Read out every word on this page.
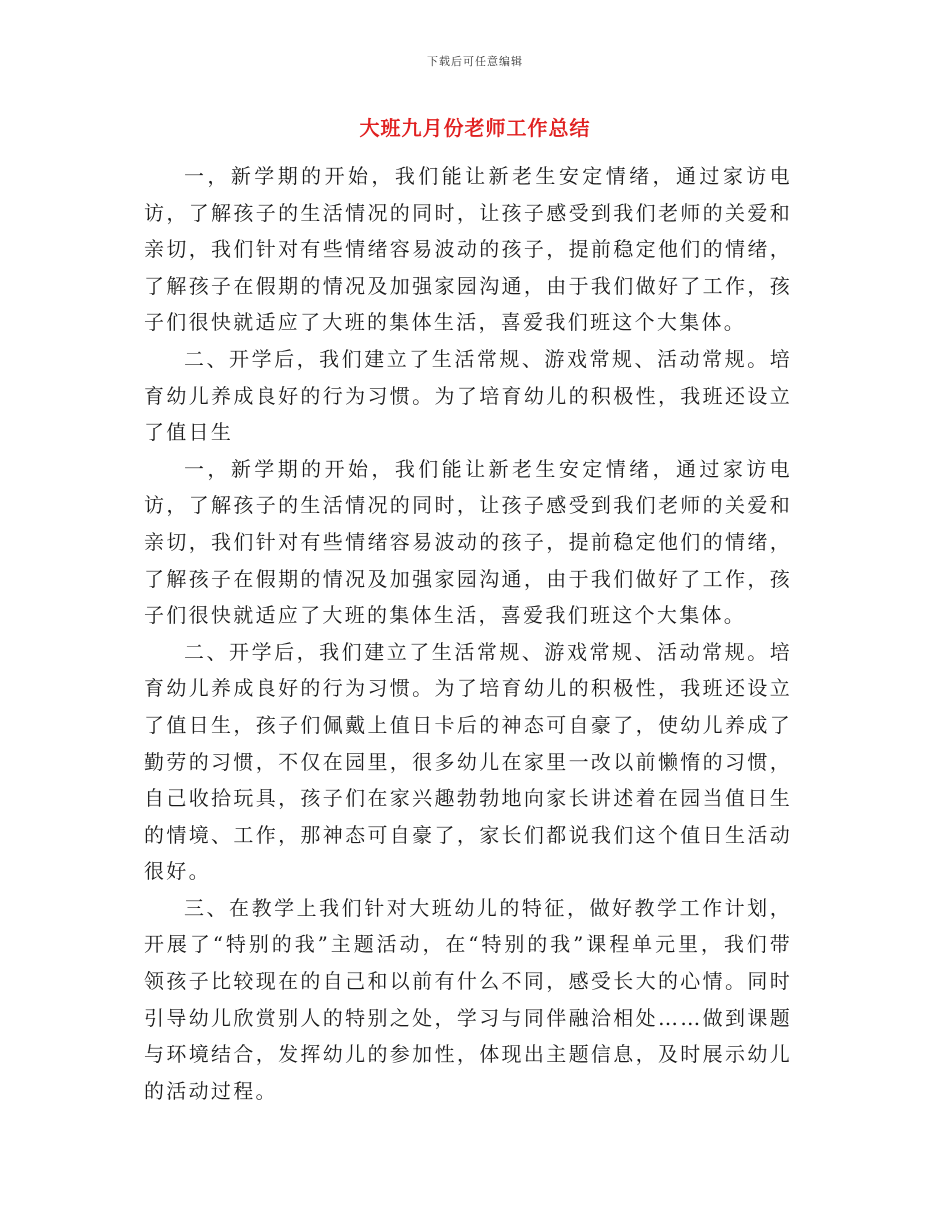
下载后可任意编辑
大班九月份老师工作总结

一，新学期的开始，我们能让新老生安定情绪，通过家访电访，了解孩子的生活情况的同时，让孩子感受到我们老师的关爱和亲切，我们针对有些情绪容易波动的孩子，提前稳定他们的情绪，了解孩子在假期的情况及加强家园沟通，由于我们做好了工作，孩子们很快就适应了大班的集体生活，喜爱我们班这个大集体。

二、开学后，我们建立了生活常规、游戏常规、活动常规。培育幼儿养成良好的行为习惯。为了培育幼儿的积极性，我班还设立了值日生

一，新学期的开始，我们能让新老生安定情绪，通过家访电访，了解孩子的生活情况的同时，让孩子感受到我们老师的关爱和亲切，我们针对有些情绪容易波动的孩子，提前稳定他们的情绪，了解孩子在假期的情况及加强家园沟通，由于我们做好了工作，孩子们很快就适应了大班的集体生活，喜爱我们班这个大集体。

二、开学后，我们建立了生活常规、游戏常规、活动常规。培育幼儿养成良好的行为习惯。为了培育幼儿的积极性，我班还设立了值日生，孩子们佩戴上值日卡后的神态可自豪了，使幼儿养成了勤劳的习惯，不仅在园里，很多幼儿在家里一改以前懒惰的习惯，自己收拾玩具，孩子们在家兴趣勃勃地向家长讲述着在园当值日生的情境、工作，那神态可自豪了，家长们都说我们这个值日生活动很好。

三、在教学上我们针对大班幼儿的特征，做好教学工作计划，开展了“特别的我”主题活动，在“特别的我”课程单元里，我们带领孩子比较现在的自己和以前有什么不同，感受长大的心情。同时引导幼儿欣赏别人的特别之处，学习与同伴融洽相处……做到课题与环境结合，发挥幼儿的参加性，体现出主题信息，及时展示幼儿的活动过程。
